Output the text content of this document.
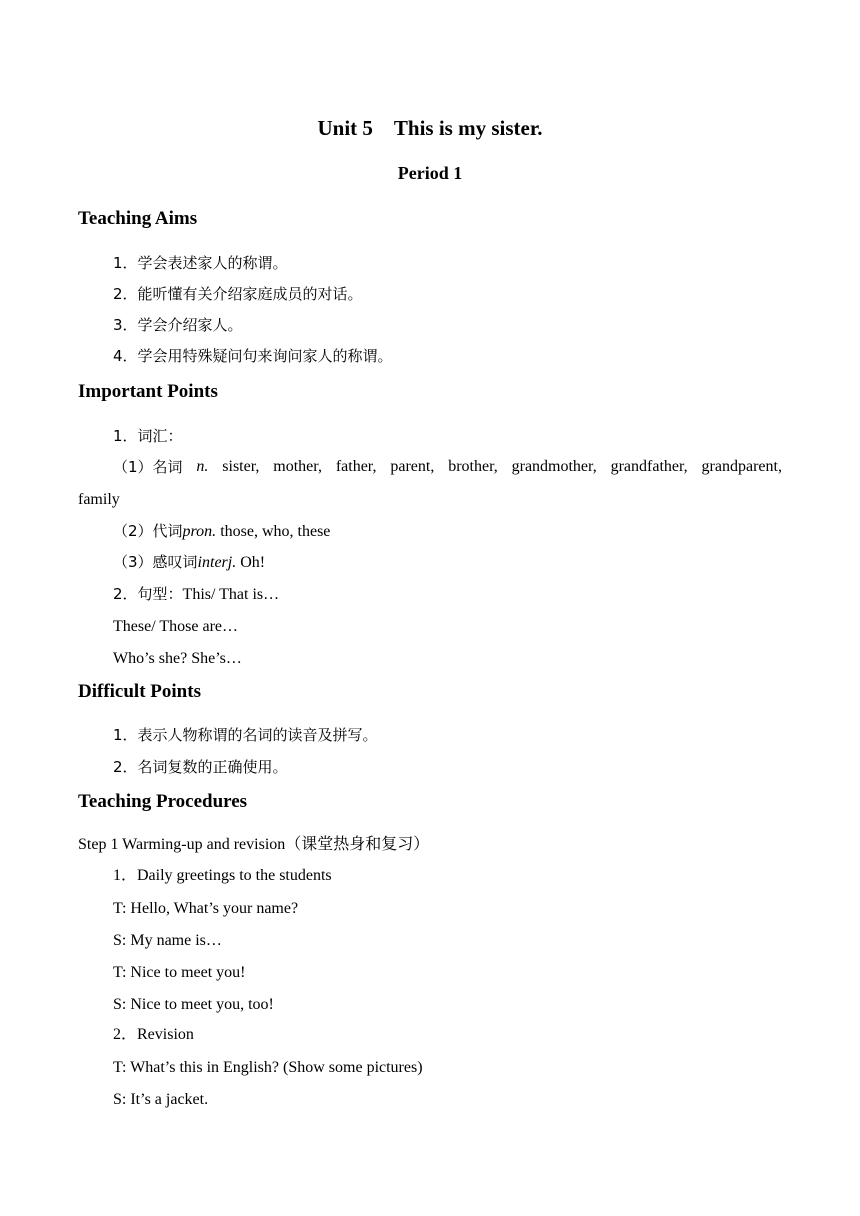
Unit 5    This is my sister.
Period 1
Teaching Aims
1．学会表述家人的称谓。
2．能听懂有关介绍家庭成员的对话。
3．学会介绍家人。
4．学会用特殊疑问句来询问家人的称谓。
Important Points
1．词汇：
（1）名词 n. sister, mother, father, parent, brother, grandmother, grandfather, grandparent,
family
（2）代词pron. those, who, these
（3）感叹词interj. Oh!
2．句型：This/ That is…
These/ Those are…
Who’s she? She’s…
Difficult Points
1．表示人物称谓的名词的读音及拼写。
2．名词复数的正确使用。
Teaching Procedures
Step 1 Warming-up and revision（课堂热身和复习）
1．Daily greetings to the students
T: Hello, What’s your name?
S: My name is…
T: Nice to meet you!
S: Nice to meet you, too!
2．Revision
T: What’s this in English? (Show some pictures)
S: It’s a jacket.
